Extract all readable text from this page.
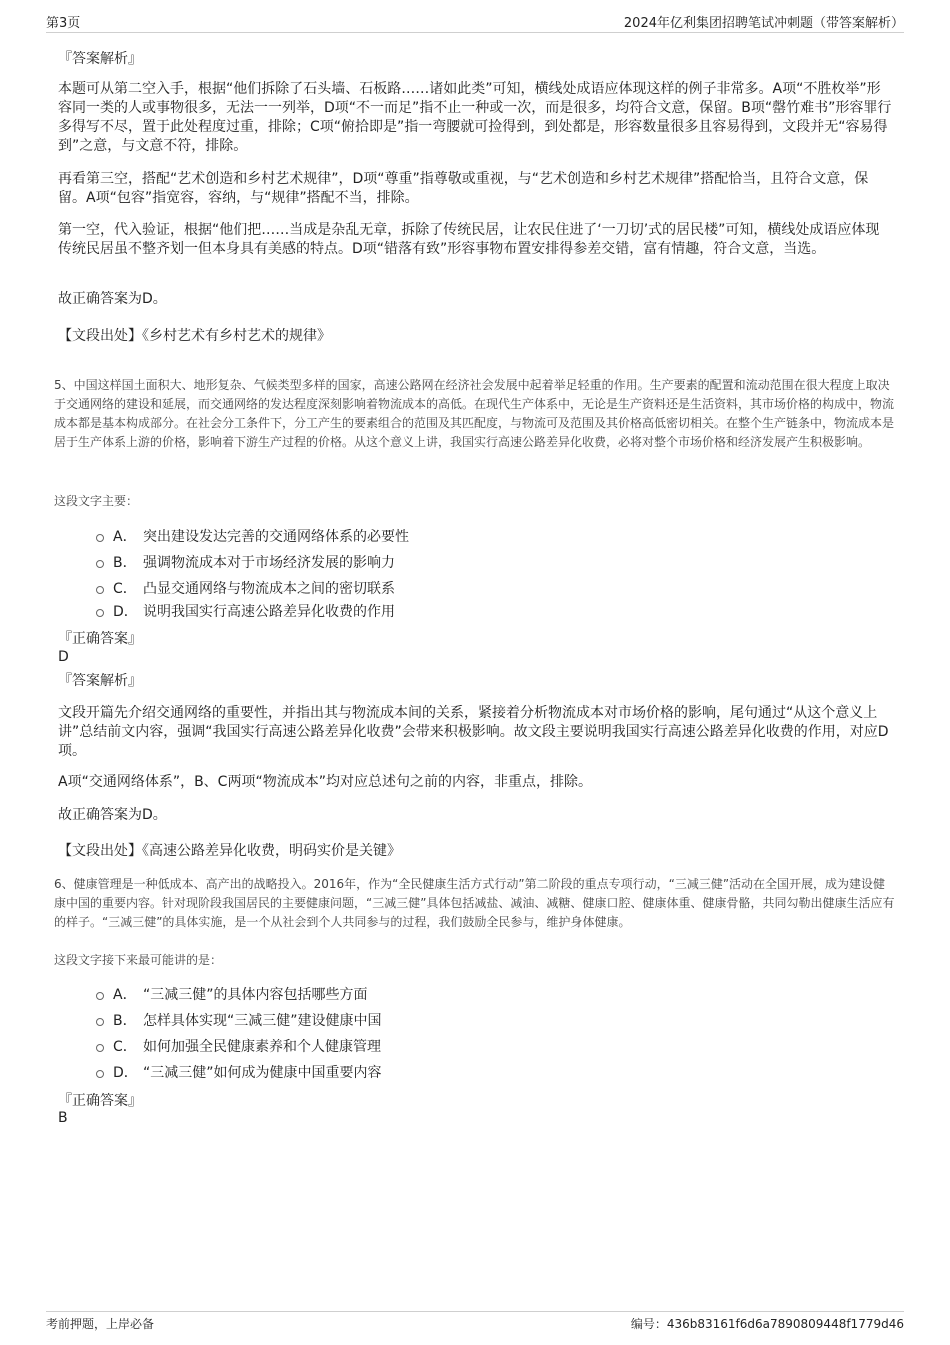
第3页	2024年亿利集团招聘笔试冲刺题（带答案解析）
『答案解析』
本题可从第二空入手，根据“他们拆除了石头墙、石板路……诸如此类”可知，横线处成语应体现这样的例子非常多。A项“不胜枚举”形容同一类的人或事物很多，无法一一列举，D项“不一而足”指不止一种或一次，而是很多，均符合文意，保留。B项“罄竹难书”形容罪行多得写不尽，置于此处程度过重，排除；C项“俯拾即是”指一弯腰就可捡得到，到处都是，形容数量很多且容易得到，文段并无“容易得到”之意，与文意不符，排除。
再看第三空，搭配“艺术创造和乡村艺术规律”，D项“尊重”指尊敬或重视，与“艺术创造和乡村艺术规律”搭配恰当，且符合文意，保留。A项“包容”指宽容，容纳，与“规律”搭配不当，排除。
第一空，代入验证，根据“他们把……当成是杂乱无章，拆除了传统民居，让农民住进了‘一刀切’式的居民楼”可知，横线处成语应体现传统民居虽不整齐划一但本身具有美感的特点。D项“错落有致”形容事物布置安排得参差交错，富有情趣，符合文意，当选。
故正确答案为D。
【文段出处】《乡村艺术有乡村艺术的规律》
5、中国这样国土面积大、地形复杂、气候类型多样的国家，高速公路网在经济社会发展中起着举足轻重的作用。生产要素的配置和流动范围在很大程度上取决于交通网络的建设和延展，而交通网络的发达程度深刻影响着物流成本的高低。在现代生产体系中，无论是生产资料还是生活资料，其市场价格的构成中，物流成本都是基本构成部分。在社会分工条件下，分工产生的要素组合的范围及其匹配度，与物流可及范围及其价格高低密切相关。在整个生产链条中，物流成本是居于生产体系上游的价格，影响着下游生产过程的价格。从这个意义上讲，我国实行高速公路差异化收费，必将对整个市场价格和经济发展产生积极影响。
这段文字主要：
A． 突出建设发达完善的交通网络体系的必要性
B． 强调物流成本对于市场经济发展的影响力
C． 凸显交通网络与物流成本之间的密切联系
D． 说明我国实行高速公路差异化收费的作用
『正确答案』
D
『答案解析』
文段开篇先介绍交通网络的重要性，并指出其与物流成本间的关系，紧接着分析物流成本对市场价格的影响，尾句通过“从这个意义上讲”总结前文内容，强调“我国实行高速公路差异化收费”会带来积极影响。故文段主要说明我国实行高速公路差异化收费的作用，对应D项。
A项“交通网络体系”，B、C两项“物流成本”均对应总述句之前的内容，非重点，排除。
故正确答案为D。
【文段出处】《高速公路差异化收费，明码实价是关键》
6、健康管理是一种低成本、高产出的战略投入。2016年，作为“全民健康生活方式行动”第二阶段的重点专项行动，“三减三健”活动在全国开展，成为建设健康中国的重要内容。针对现阶段我国居民的主要健康问题，“三减三健”具体包括减盐、减油、减糖、健康口腔、健康体重、健康骨骼，共同勾勒出健康生活应有的样子。“三减三健”的具体实施，是一个从社会到个人共同参与的过程，我们鼓励全民参与，维护身体健康。
这段文字接下来最可能讲的是：
A． “三减三健”的具体内容包括哪些方面
B． 怎样具体实现“三减三健”建设健康中国
C． 如何加强全民健康素养和个人健康管理
D． “三减三健”如何成为健康中国重要内容
『正确答案』
B
考前押题，上岸必备	编号：436b83161f6d6a7890809448f1779d46
